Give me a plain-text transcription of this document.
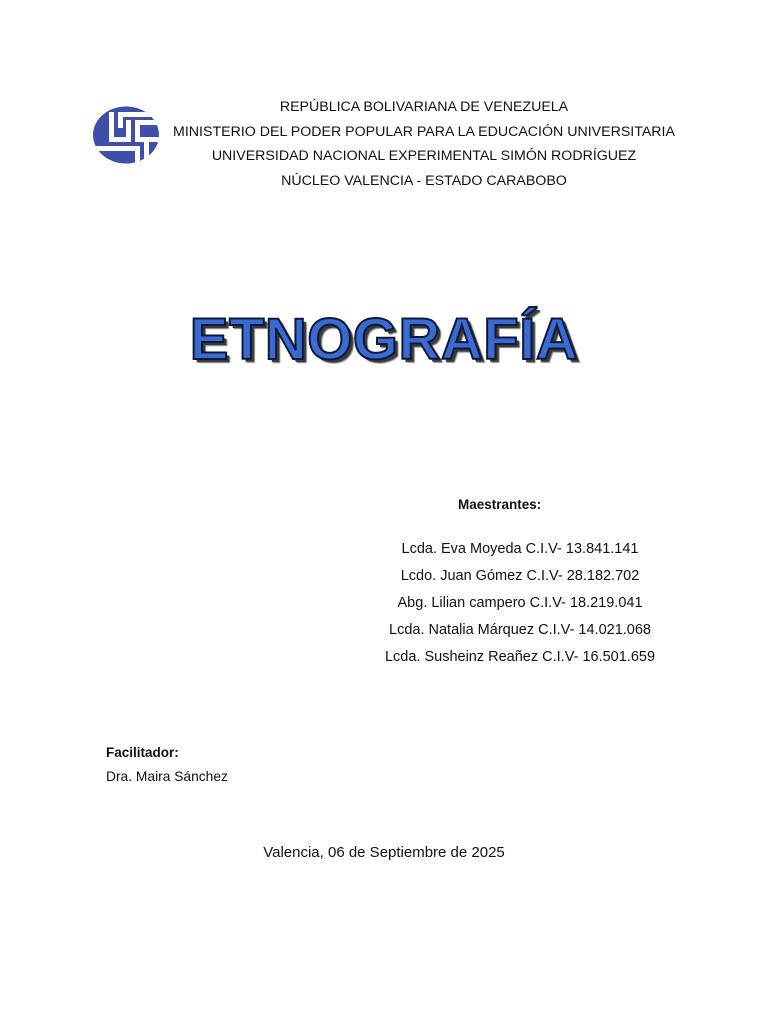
REPÚBLICA BOLIVARIANA DE VENEZUELA
MINISTERIO DEL PODER POPULAR PARA LA EDUCACIÓN UNIVERSITARIA
UNIVERSIDAD NACIONAL EXPERIMENTAL SIMÓN RODRÍGUEZ
NÚCLEO VALENCIA - ESTADO CARABOBO
ETNOGRAFÍA
Maestrantes:
Lcda. Eva Moyeda C.I.V- 13.841.141
Lcdo. Juan Gómez C.I.V- 28.182.702
Abg. Lilian campero C.I.V- 18.219.041
Lcda. Natalia Márquez C.I.V- 14.021.068
Lcda. Susheinz Reañez C.I.V- 16.501.659
Facilitador:
Dra. Maira Sánchez
Valencia, 06 de Septiembre de 2025
